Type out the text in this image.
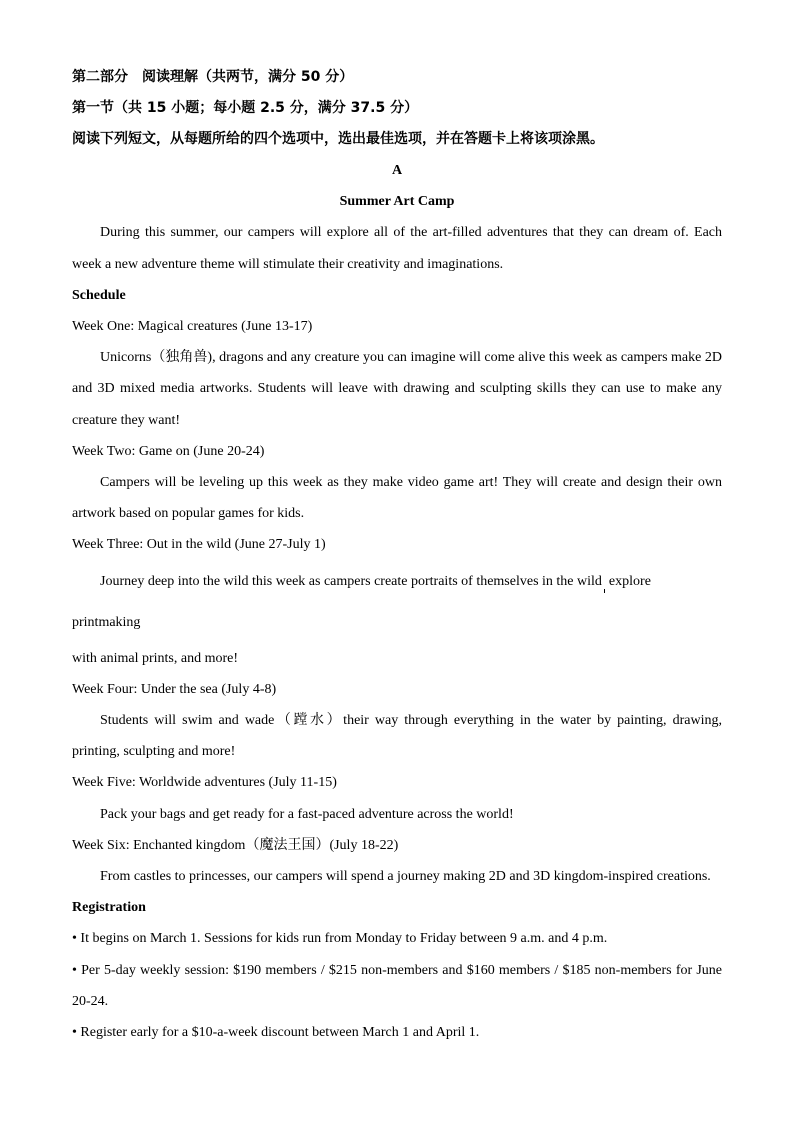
第二部分　阅读理解（共两节，满分 50 分）
第一节（共 15 小题；每小题 2.5 分，满分 37.5 分）
阅读下列短文，从每题所给的四个选项中，选出最佳选项，并在答题卡上将该项涂黑。
A
Summer Art Camp
During this summer, our campers will explore all of the art-filled adventures that they can dream of. Each week a new adventure theme will stimulate their creativity and imaginations.
Schedule
Week One: Magical creatures (June 13-17)
Unicorns（独角兽), dragons and any creature you can imagine will come alive this week as campers make 2D and 3D mixed media artworks. Students will leave with drawing and sculpting skills they can use to make any creature they want!
Week Two: Game on (June 20-24)
Campers will be leveling up this week as they make video game art! They will create and design their own artwork based on popular games for kids.
Week Three: Out in the wild (June 27-July 1)
Journey deep into the wild this week as campers create portraits of themselves in the wild explore printmaking
with animal prints, and more!
Week Four: Under the sea (July 4-8)
Students will swim and wade（蹚水）their way through everything in the water by painting, drawing, printing, sculpting and more!
Week Five: Worldwide adventures (July 11-15)
Pack your bags and get ready for a fast-paced adventure across the world!
Week Six: Enchanted kingdom（魔法王国）(July 18-22)
From castles to princesses, our campers will spend a journey making 2D and 3D kingdom-inspired creations.
Registration
• It begins on March 1. Sessions for kids run from Monday to Friday between 9 a.m. and 4 p.m.
• Per 5-day weekly session: $190 members / $215 non-members and $160 members / $185 non-members for June 20-24.
• Register early for a $10-a-week discount between March 1 and April 1.
